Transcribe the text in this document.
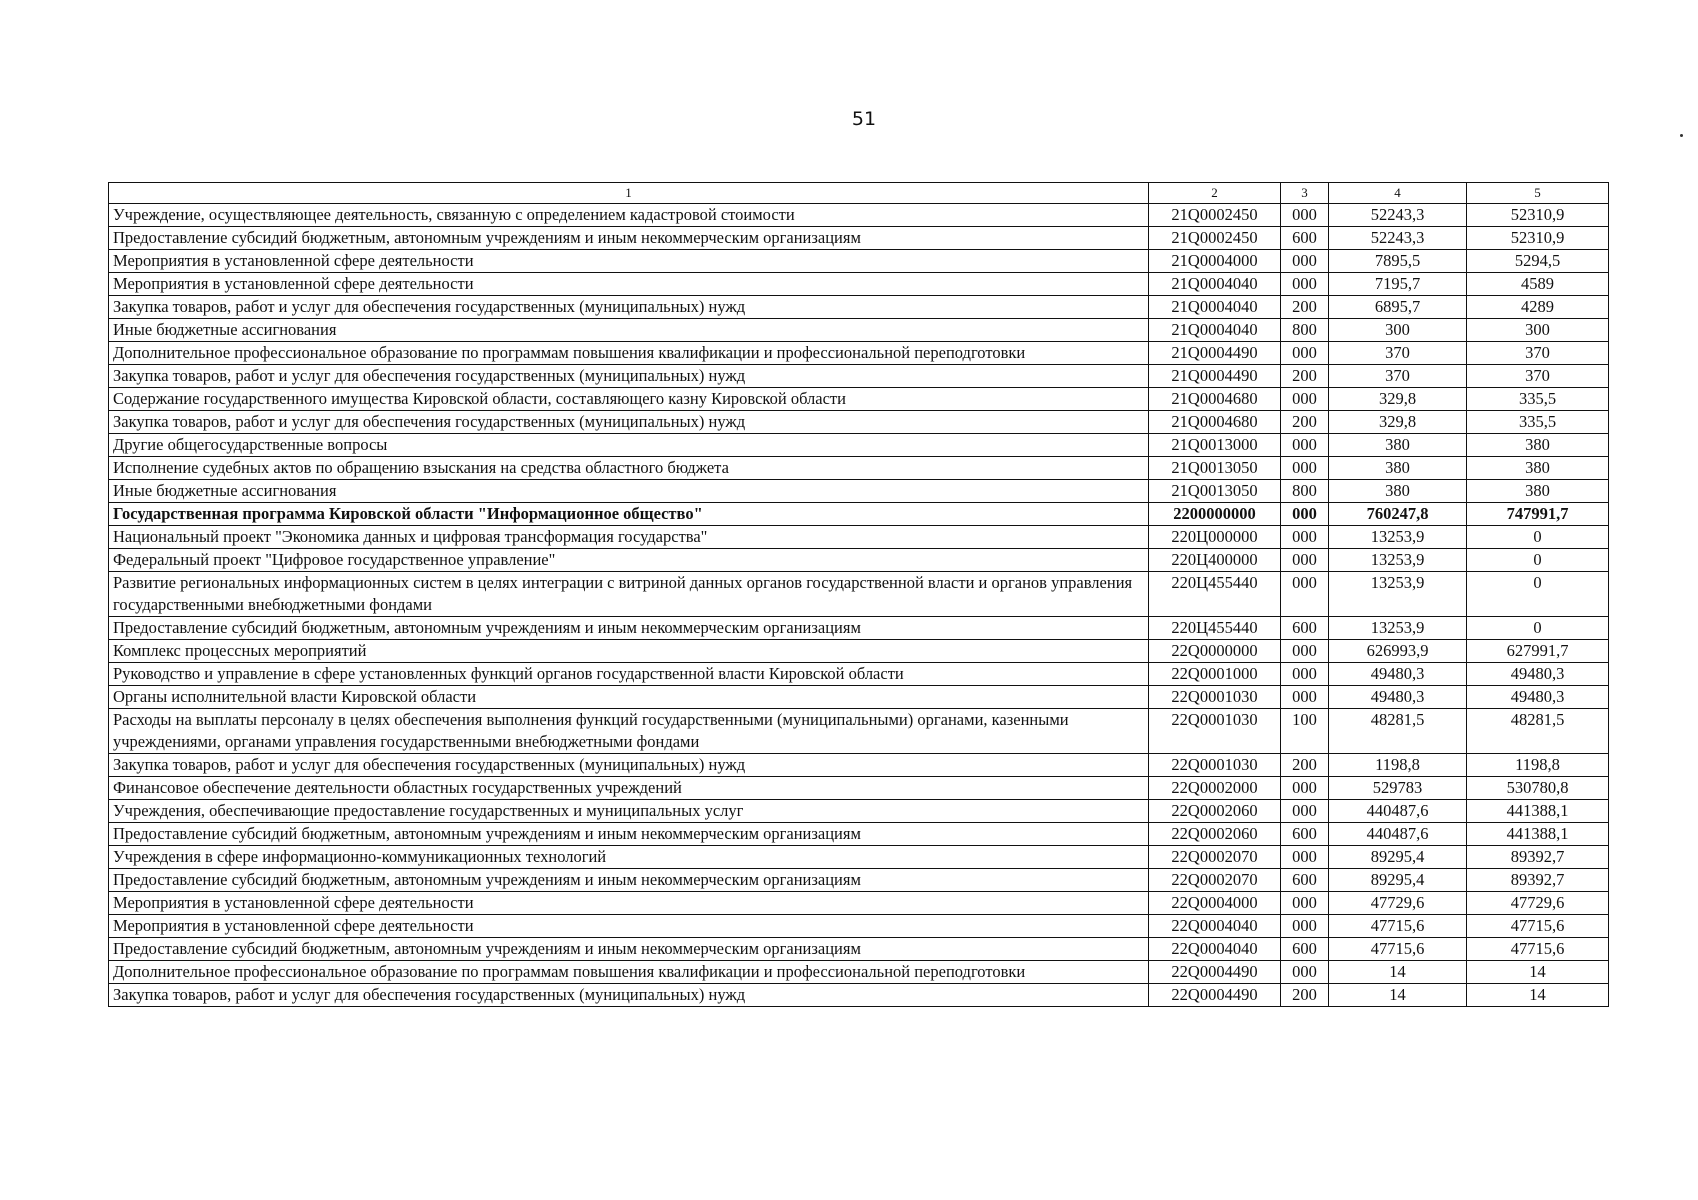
51
1	2	3	4	5
Учреждение, осуществляющее деятельность, связанную с определением кадастровой стоимости	21Q0002450	000	52243,3	52310,9
Предоставление субсидий бюджетным, автономным учреждениям и иным некоммерческим организациям	21Q0002450	600	52243,3	52310,9
Мероприятия в установленной сфере деятельности	21Q0004000	000	7895,5	5294,5
Мероприятия в установленной сфере деятельности	21Q0004040	000	7195,7	4589
Закупка товаров, работ и услуг для обеспечения государственных (муниципальных) нужд	21Q0004040	200	6895,7	4289
Иные бюджетные ассигнования	21Q0004040	800	300	300
Дополнительное профессиональное образование по программам повышения квалификации и профессиональной переподготовки	21Q0004490	000	370	370
Закупка товаров, работ и услуг для обеспечения государственных (муниципальных) нужд	21Q0004490	200	370	370
Содержание государственного имущества Кировской области, составляющего казну Кировской области	21Q0004680	000	329,8	335,5
Закупка товаров, работ и услуг для обеспечения государственных (муниципальных) нужд	21Q0004680	200	329,8	335,5
Другие общегосударственные вопросы	21Q0013000	000	380	380
Исполнение судебных актов по обращению взыскания на средства областного бюджета	21Q0013050	000	380	380
Иные бюджетные ассигнования	21Q0013050	800	380	380
Государственная программа Кировской области "Информационное общество"	2200000000	000	760247,8	747991,7
Национальный проект "Экономика данных и цифровая трансформация государства"	220Ц000000	000	13253,9	0
Федеральный проект "Цифровое государственное управление"	220Ц400000	000	13253,9	0
Развитие региональных информационных систем в целях интеграции с витриной данных органов государственной власти и органов управления государственными внебюджетными фондами	220Ц455440	000	13253,9	0
Предоставление субсидий бюджетным, автономным учреждениям и иным некоммерческим организациям	220Ц455440	600	13253,9	0
Комплекс процессных мероприятий	22Q0000000	000	626993,9	627991,7
Руководство и управление в сфере установленных функций органов государственной власти Кировской области	22Q0001000	000	49480,3	49480,3
Органы исполнительной власти Кировской области	22Q0001030	000	49480,3	49480,3
Расходы на выплаты персоналу в целях обеспечения выполнения функций государственными (муниципальными) органами, казенными учреждениями, органами управления государственными внебюджетными фондами	22Q0001030	100	48281,5	48281,5
Закупка товаров, работ и услуг для обеспечения государственных (муниципальных) нужд	22Q0001030	200	1198,8	1198,8
Финансовое обеспечение деятельности областных государственных учреждений	22Q0002000	000	529783	530780,8
Учреждения, обеспечивающие предоставление государственных и муниципальных услуг	22Q0002060	000	440487,6	441388,1
Предоставление субсидий бюджетным, автономным учреждениям и иным некоммерческим организациям	22Q0002060	600	440487,6	441388,1
Учреждения в сфере информационно-коммуникационных технологий	22Q0002070	000	89295,4	89392,7
Предоставление субсидий бюджетным, автономным учреждениям и иным некоммерческим организациям	22Q0002070	600	89295,4	89392,7
Мероприятия в установленной сфере деятельности	22Q0004000	000	47729,6	47729,6
Мероприятия в установленной сфере деятельности	22Q0004040	000	47715,6	47715,6
Предоставление субсидий бюджетным, автономным учреждениям и иным некоммерческим организациям	22Q0004040	600	47715,6	47715,6
Дополнительное профессиональное образование по программам повышения квалификации и профессиональной переподготовки	22Q0004490	000	14	14
Закупка товаров, работ и услуг для обеспечения государственных (муниципальных) нужд	22Q0004490	200	14	14
